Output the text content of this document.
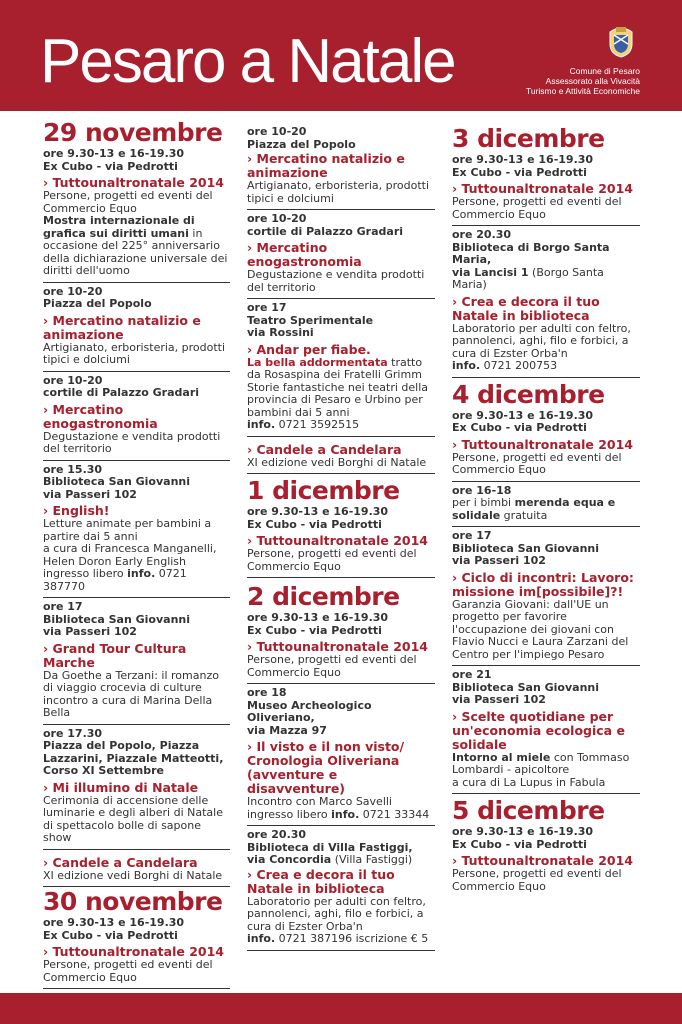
Pesaro a Natale	Comune di Pesaro
Assessorato alla Vivacità
Turismo e Attività Economiche
29 novembre
ore 9.30-13 e 16-19.30
Ex Cubo - via Pedrotti
› Tuttounaltronatale 2014
Persone, progetti ed eventi del Commercio Equo
Mostra internazionale di grafica sui diritti umani in occasione del 225° anniversario della dichiarazione universale dei diritti dell'uomo
ore 10-20
Piazza del Popolo
› Mercatino natalizio e animazione
Artigianato, erboristeria, prodotti tipici e dolciumi
ore 10-20
cortile di Palazzo Gradari
› Mercatino enogastronomia
Degustazione e vendita prodotti del territorio
ore 15.30
Biblioteca San Giovanni
via Passeri 102
› English!
Letture animate per bambini a partire dai 5 anni
a cura di Francesca Manganelli, Helen Doron Early English
ingresso libero info. 0721 387770
ore 17
Biblioteca San Giovanni
via Passeri 102
› Grand Tour Cultura Marche
Da Goethe a Terzani: il romanzo di viaggio crocevia di culture incontro a cura di Marina Della Bella
ore 17.30
Piazza del Popolo, Piazza Lazzarini, Piazzale Matteotti, Corso XI Settembre
› Mi illumino di Natale
Cerimonia di accensione delle luminarie e degli alberi di Natale di spettacolo bolle di sapone show
› Candele a Candelara
XI edizione vedi Borghi di Natale
30 novembre
ore 9.30-13 e 16-19.30
Ex Cubo - via Pedrotti
› Tuttounaltronatale 2014
Persone, progetti ed eventi del Commercio Equo
ore 10-20
Piazza del Popolo
› Mercatino natalizio e animazione
Artigianato, erboristeria, prodotti tipici e dolciumi
ore 10-20
cortile di Palazzo Gradari
› Mercatino enogastronomia
Degustazione e vendita prodotti del territorio
ore 17
Teatro Sperimentale
via Rossini
› Andar per fiabe.
La bella addormentata tratto da Rosaspina dei Fratelli Grimm Storie fantastiche nei teatri della provincia di Pesaro e Urbino per bambini dai 5 anni
info. 0721 3592515
› Candele a Candelara
XI edizione vedi Borghi di Natale
1 dicembre
ore 9.30-13 e 16-19.30
Ex Cubo - via Pedrotti
› Tuttounaltronatale 2014
Persone, progetti ed eventi del Commercio Equo
2 dicembre
ore 9.30-13 e 16-19.30
Ex Cubo - via Pedrotti
› Tuttounaltronatale 2014
Persone, progetti ed eventi del Commercio Equo
ore 18
Museo Archeologico Oliveriano,
via Mazza 97
› Il visto e il non visto/ Cronologia Oliveriana (avventure e disavventure)
Incontro con Marco Savelli
ingresso libero info. 0721 33344
ore 20.30
Biblioteca di Villa Fastiggi,
via Concordia (Villa Fastiggi)
› Crea e decora il tuo Natale in biblioteca
Laboratorio per adulti con feltro, pannolenci, aghi, filo e forbici, a cura di Ezster Orba'n
info. 0721 387196 iscrizione € 5
3 dicembre
ore 9.30-13 e 16-19.30
Ex Cubo - via Pedrotti
› Tuttounaltronatale 2014
Persone, progetti ed eventi del Commercio Equo
ore 20.30
Biblioteca di Borgo Santa Maria,
via Lancisi 1 (Borgo Santa Maria)
› Crea e decora il tuo Natale in biblioteca
Laboratorio per adulti con feltro, pannolenci, aghi, filo e forbici, a cura di Ezster Orba'n
info. 0721 200753
4 dicembre
ore 9.30-13 e 16-19.30
Ex Cubo - via Pedrotti
› Tuttounaltronatale 2014
Persone, progetti ed eventi del Commercio Equo
ore 16-18
per i bimbi merenda equa e solidale gratuita
ore 17
Biblioteca San Giovanni
via Passeri 102
› Ciclo di incontri: Lavoro: missione im[possibile]?!
Garanzia Giovani: dall'UE un progetto per favorire l'occupazione dei giovani con Flavio Nucci e Laura Zarzani del Centro per l'impiego Pesaro
ore 21
Biblioteca San Giovanni
via Passeri 102
› Scelte quotidiane per un'economia ecologica e solidale
Intorno al miele con Tommaso Lombardi - apicoltore
a cura di La Lupus in Fabula
5 dicembre
ore 9.30-13 e 16-19.30
Ex Cubo - via Pedrotti
› Tuttounaltronatale 2014
Persone, progetti ed eventi del Commercio Equo
